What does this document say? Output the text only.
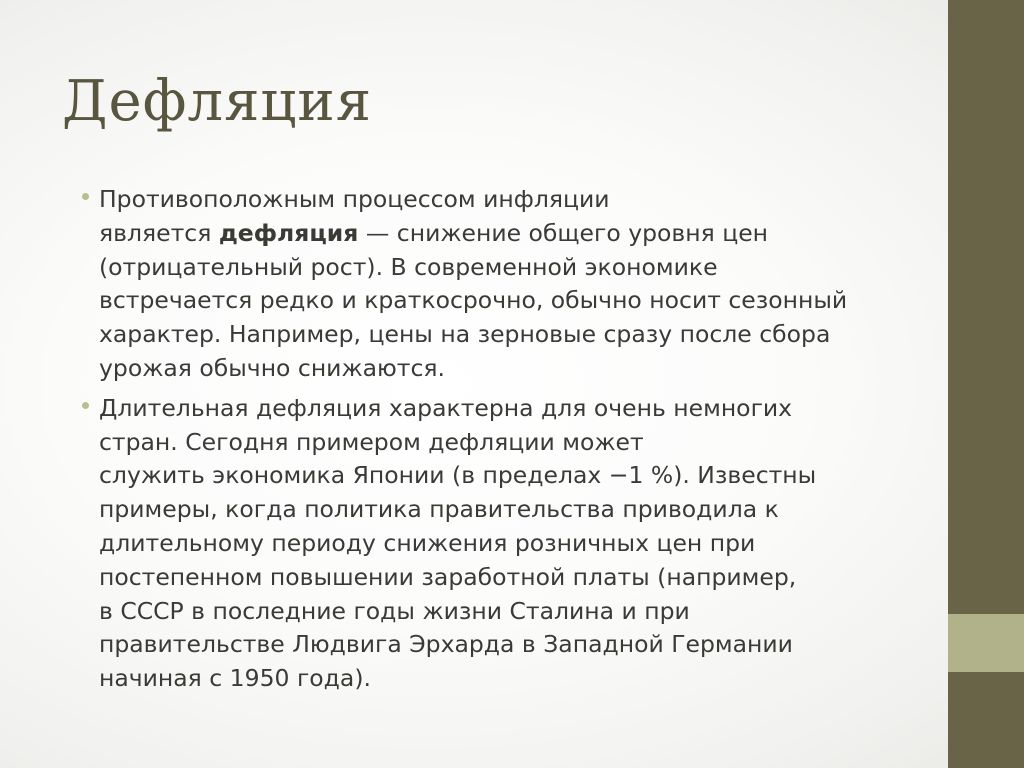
Дефляция
Противоположным процессом инфляции
является дефляция — снижение общего уровня цен
(отрицательный рост). В современной экономике
встречается редко и краткосрочно, обычно носит сезонный
характер. Например, цены на зерновые сразу после сбора
урожая обычно снижаются.
Длительная дефляция характерна для очень немногих
стран. Сегодня примером дефляции может
служить экономика Японии (в пределах −1 %). Известны
примеры, когда политика правительства приводила к
длительному периоду снижения розничных цен при
постепенном повышении заработной платы (например,
в СССР в последние годы жизни Сталина и при
правительстве Людвига Эрхарда в Западной Германии
начиная с 1950 года).
